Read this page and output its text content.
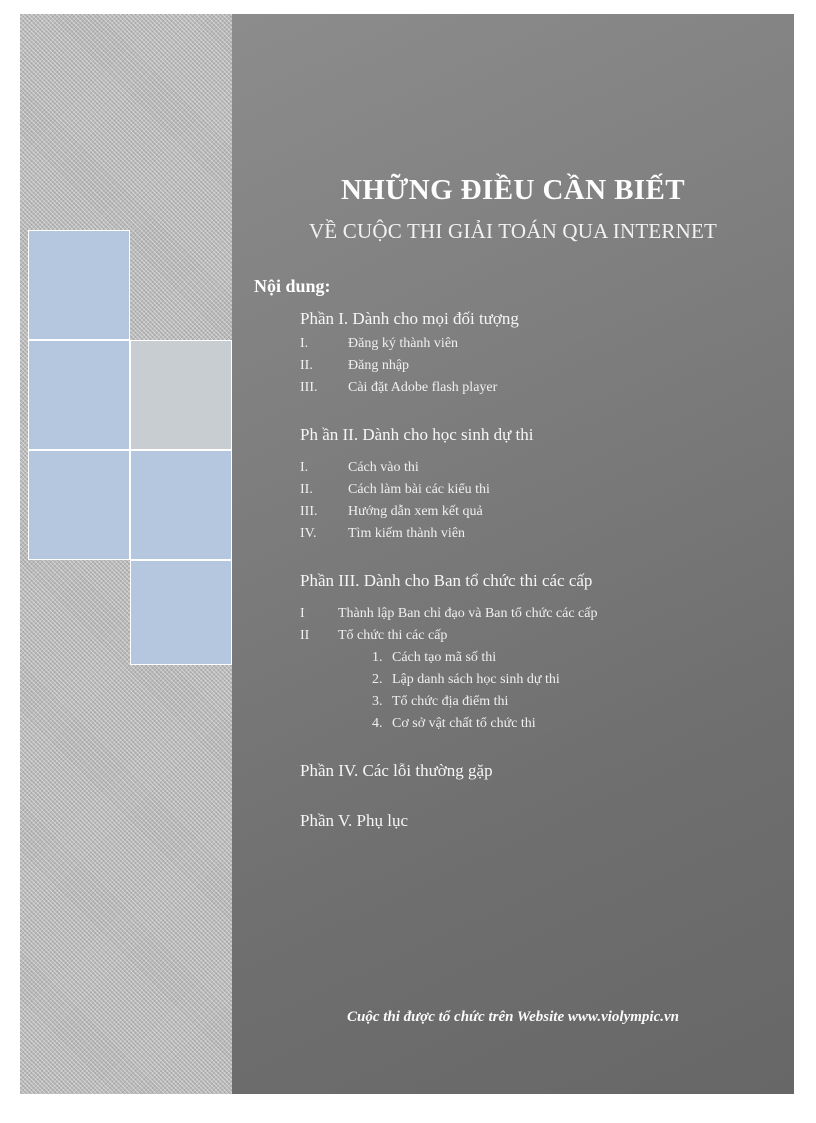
NHỮNG ĐIỀU CẦN BIẾT
VỀ CUỘC THI GIẢI TOÁN QUA INTERNET
Nội dung:
Phần I. Dành cho mọi đối tượng
I.	Đăng ký thành viên
II.	Đăng nhập
III.	Cài đặt Adobe flash player
Ph ần II. Dành cho học sinh dự thi
I.	Cách vào thi
II.	Cách làm bài các kiểu thi
III.	Hướng dẫn xem kết quả
IV.	Tìm kiếm thành viên
Phần III. Dành cho Ban tổ chức thi các cấp
I	Thành lập Ban chỉ đạo và Ban tổ chức các cấp
II	Tổ chức thi các cấp
1. Cách tạo mã số thi
2. Lập danh sách học sinh dự thi
3. Tổ chức địa điểm thi
4. Cơ sở vật chất tổ chức thi
Phần IV. Các lỗi thường gặp
Phần V. Phụ lục
Cuộc thi được tổ chức trên Website www.violympic.vn
